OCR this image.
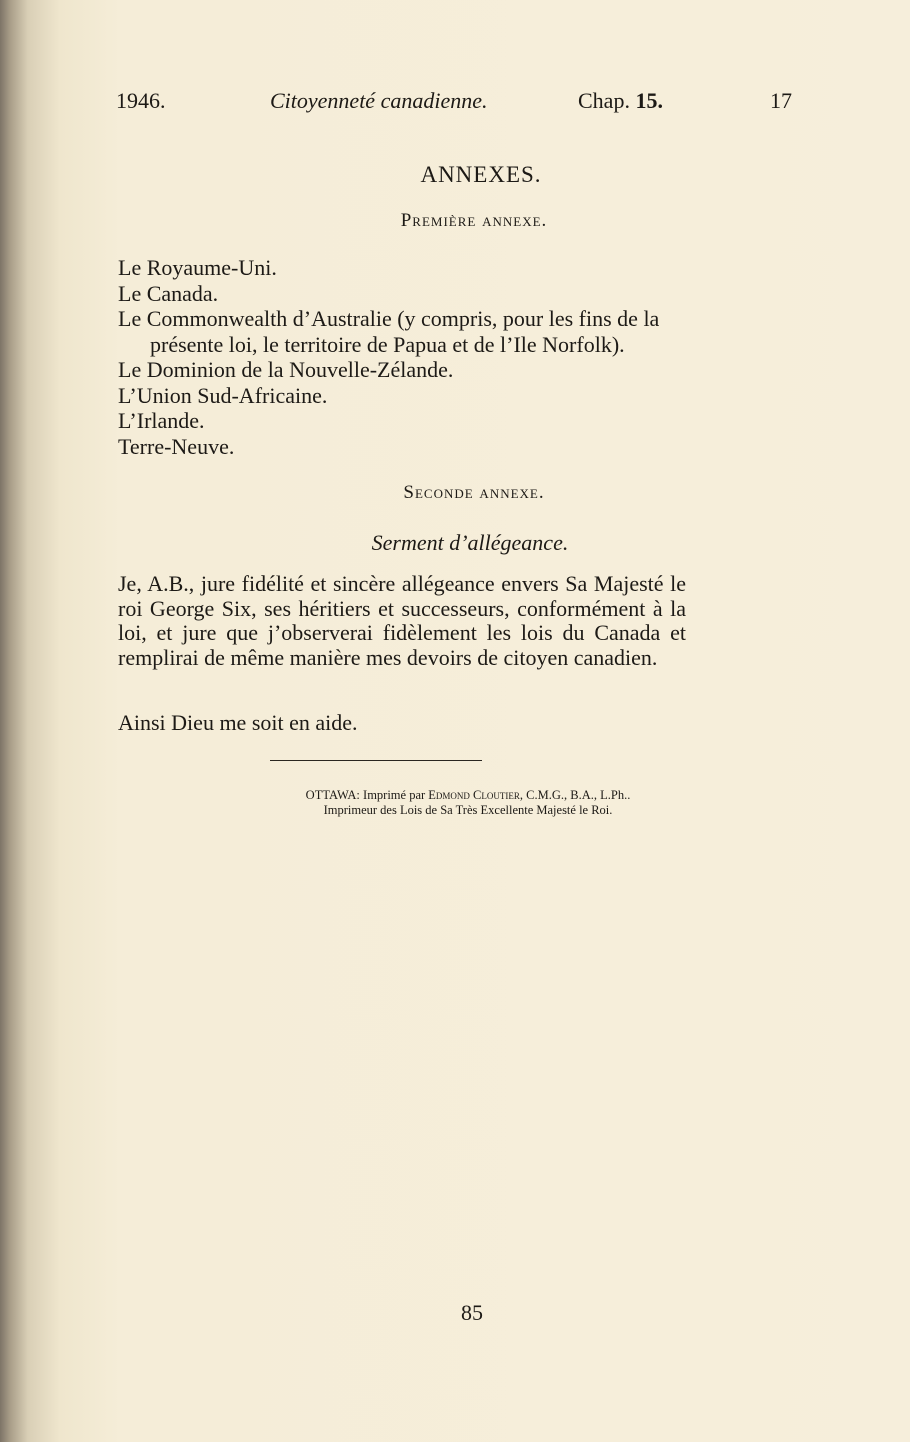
1946.	Citoyenneté canadienne.	Chap. 15.	17
ANNEXES.
Première annexe.
Le Royaume-Uni.
Le Canada.
Le Commonwealth d’Australie (y compris, pour les fins de la présente loi, le territoire de Papua et de l’Ile Norfolk).
Le Dominion de la Nouvelle-Zélande.
L’Union Sud-Africaine.
L’Irlande.
Terre-Neuve.
Seconde annexe.
Serment d’allégeance.

Je, A.B., jure fidélité et sincère allégeance envers Sa Majesté le roi George Six, ses héritiers et successeurs, conformément à la loi, et jure que j’observerai fidèlement les lois du Canada et remplirai de même manière mes devoirs de citoyen canadien.

Ainsi Dieu me soit en aide.

OTTAWA: Imprimé par Edmond Cloutier, C.M.G., B.A., L.Ph..
Imprimeur des Lois de Sa Très Excellente Majesté le Roi.
85
